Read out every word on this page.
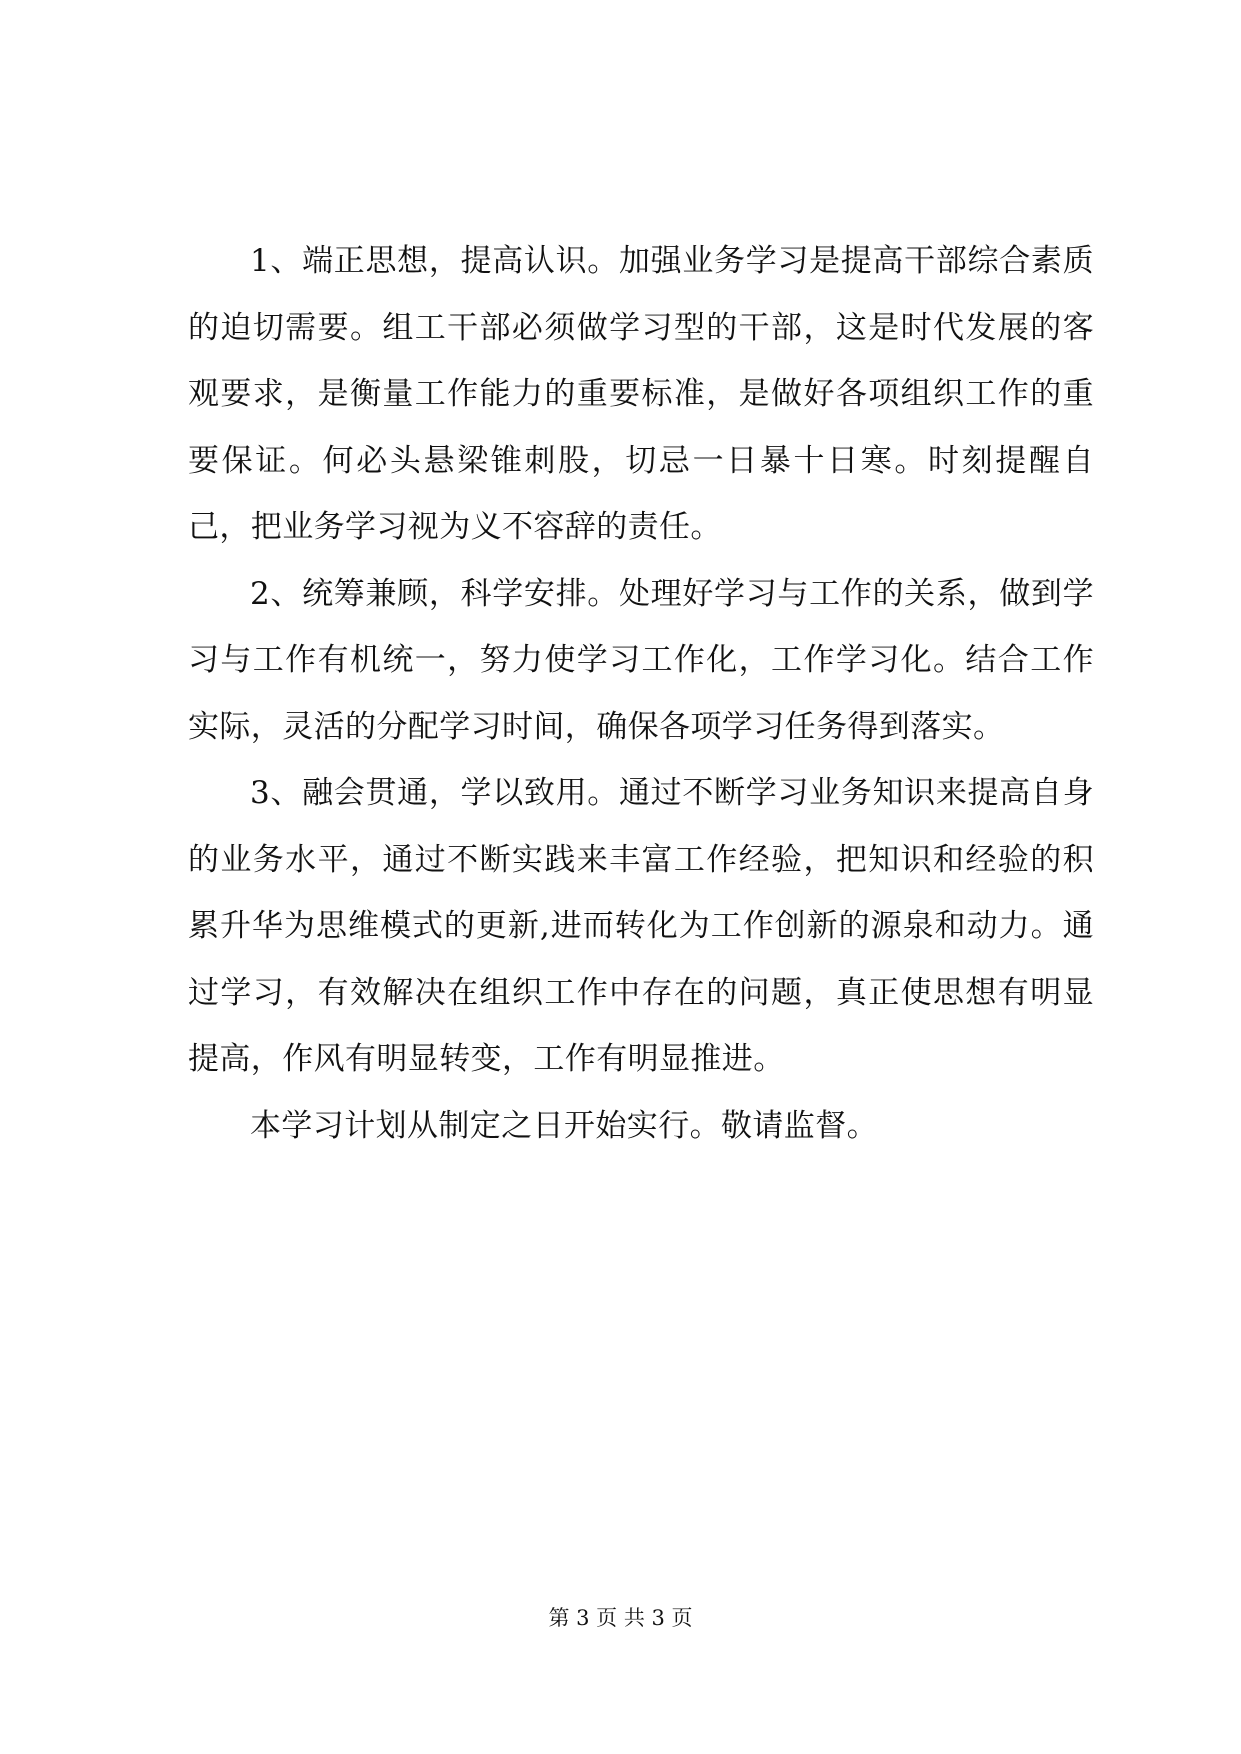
1、端正思想，提高认识。加强业务学习是提高干部综合素质的迫切需要。组工干部必须做学习型的干部，这是时代发展的客观要求，是衡量工作能力的重要标准，是做好各项组织工作的重要保证。何必头悬梁锥刺股，切忌一日暴十日寒。时刻提醒自己，把业务学习视为义不容辞的责任。

2、统筹兼顾，科学安排。处理好学习与工作的关系，做到学习与工作有机统一，努力使学习工作化，工作学习化。结合工作实际，灵活的分配学习时间，确保各项学习任务得到落实。

3、融会贯通，学以致用。通过不断学习业务知识来提高自身的业务水平，通过不断实践来丰富工作经验，把知识和经验的积累升华为思维模式的更新,进而转化为工作创新的源泉和动力。通过学习，有效解决在组织工作中存在的问题，真正使思想有明显提高，作风有明显转变，工作有明显推进。

本学习计划从制定之日开始实行。敬请监督。

第 3 页 共 3 页
